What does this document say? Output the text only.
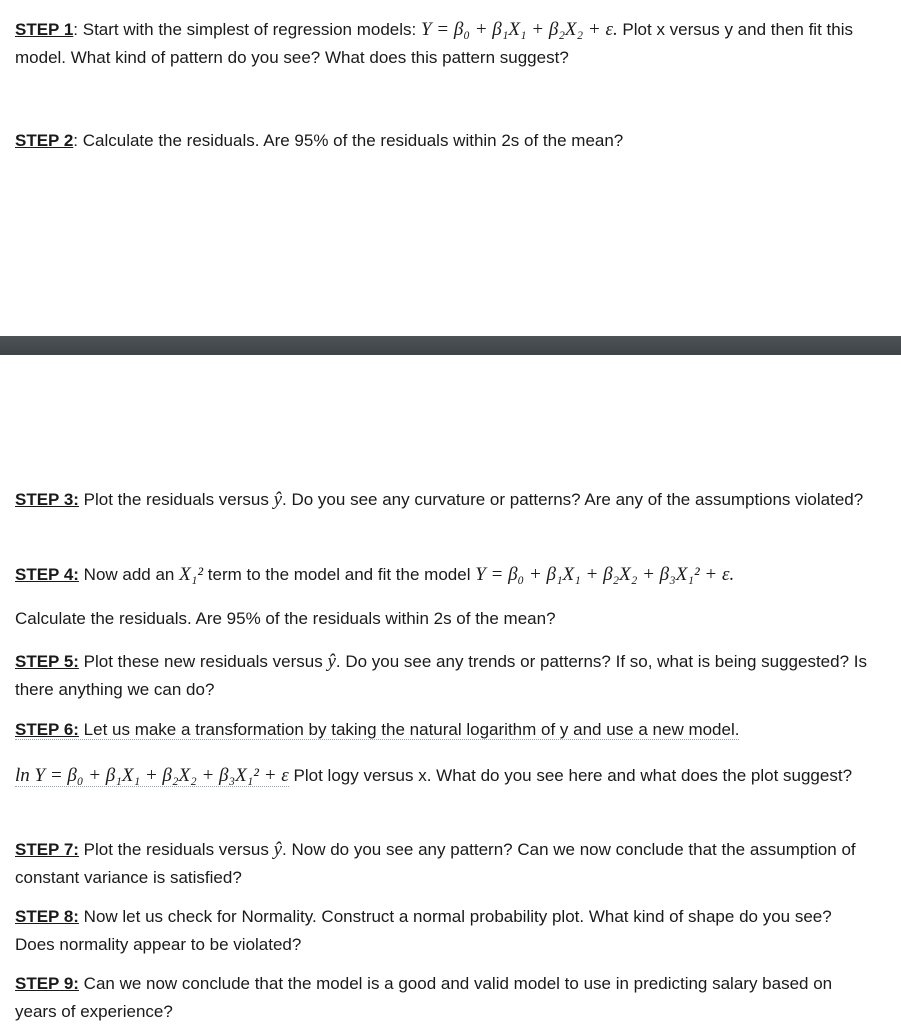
STEP 1: Start with the simplest of regression models: Y = β₀ + β₁X₁ + β₂X₂ + ε. Plot x versus y and then fit this model. What kind of pattern do you see? What does this pattern suggest?
STEP 2: Calculate the residuals. Are 95% of the residuals within 2s of the mean?
STEP 3: Plot the residuals versus ŷ. Do you see any curvature or patterns? Are any of the assumptions violated?
STEP 4: Now add an X₁² term to the model and fit the model Y = β₀ + β₁X₁ + β₂X₂ + β₃X₁² + ε.
Calculate the residuals. Are 95% of the residuals within 2s of the mean?
STEP 5: Plot these new residuals versus ŷ. Do you see any trends or patterns? If so, what is being suggested? Is there anything we can do?
STEP 6: Let us make a transformation by taking the natural logarithm of y and use a new model.
ln Y = β₀ + β₁X₁ + β₂X₂ + β₃X₁² + ε Plot logy versus x. What do you see here and what does the plot suggest?
STEP 7: Plot the residuals versus ŷ. Now do you see any pattern? Can we now conclude that the assumption of constant variance is satisfied?
STEP 8: Now let us check for Normality. Construct a normal probability plot. What kind of shape do you see? Does normality appear to be violated?
STEP 9: Can we now conclude that the model is a good and valid model to use in predicting salary based on years of experience?
